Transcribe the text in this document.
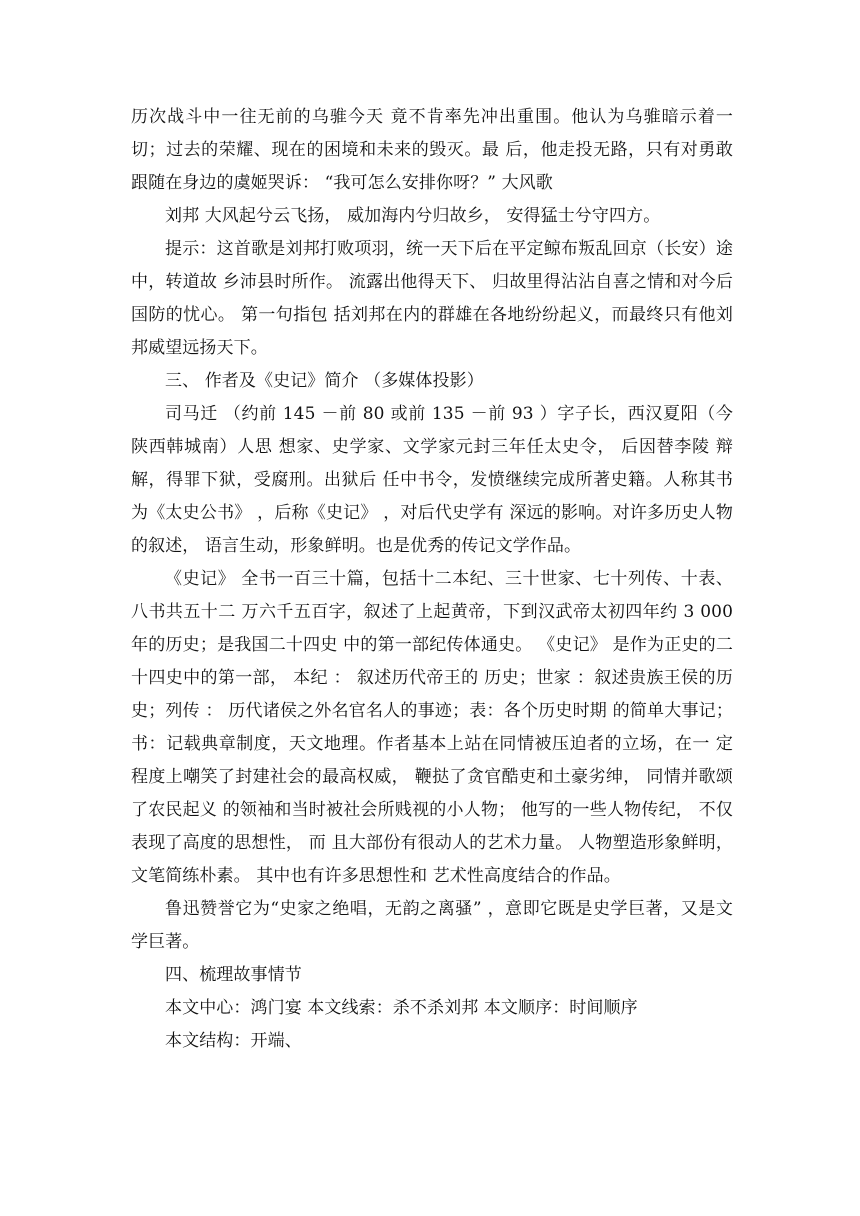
历次战斗中一往无前的乌骓今天 竟不肯率先冲出重围。他认为乌骓暗示着一切；过去的荣耀、现在的困境和未来的毁灭。最 后，他走投无路，只有对勇敢跟随在身边的虞姬哭诉： “我可怎么安排你呀？” 大风歌

刘邦 大风起兮云飞扬， 威加海内兮归故乡， 安得猛士兮守四方。

提示：这首歌是刘邦打败项羽，统一天下后在平定鲸布叛乱回京（长安）途中，转道故 乡沛县时所作。 流露出他得天下、 归故里得沾沾自喜之情和对今后国防的忧心。 第一句指包 括刘邦在内的群雄在各地纷纷起义，而最终只有他刘邦威望远扬天下。

三、 作者及《史记》简介 （多媒体投影）

司马迁 （约前 145 －前 80 或前 135 －前 93 ）字子长，西汉夏阳（今陕西韩城南）人思 想家、史学家、文学家元封三年任太史令， 后因替李陵 辩解，得罪下狱，受腐刑。出狱后 任中书令，发愤继续完成所著史籍。人称其书为《太史公书》 ，后称《史记》 ，对后代史学有 深远的影响。对许多历史人物的叙述， 语言生动，形象鲜明。也是优秀的传记文学作品。

《史记》 全书一百三十篇，包括十二本纪、三十世家、七十列传、十表、八书共五十二 万六千五百字，叙述了上起黄帝，下到汉武帝太初四年约 3 000 年的历史；是我国二十四史 中的第一部纪传体通史。 《史记》 是作为正史的二十四史中的第一部， 本纪 ： 叙述历代帝王的 历史；世家 ：叙述贵族王侯的历史；列传 ： 历代诸侯之外名官名人的事迹；表：各个历史时期 的简单大事记；书：记载典章制度，天文地理。作者基本上站在同情被压迫者的立场，在一 定程度上嘲笑了封建社会的最高权威， 鞭挞了贪官酷吏和土豪劣绅， 同情并歌颂了农民起义 的领袖和当时被社会所贱视的小人物； 他写的一些人物传纪， 不仅表现了高度的思想性， 而 且大部份有很动人的艺术力量。 人物塑造形象鲜明， 文笔简练朴素。 其中也有许多思想性和 艺术性高度结合的作品。

鲁迅赞誉它为“史家之绝唱，无韵之离骚” ，意即它既是史学巨著，又是文学巨著。

四、梳理故事情节

本文中心：鸿门宴 本文线索：杀不杀刘邦 本文顺序：时间顺序

本文结构：开端、
